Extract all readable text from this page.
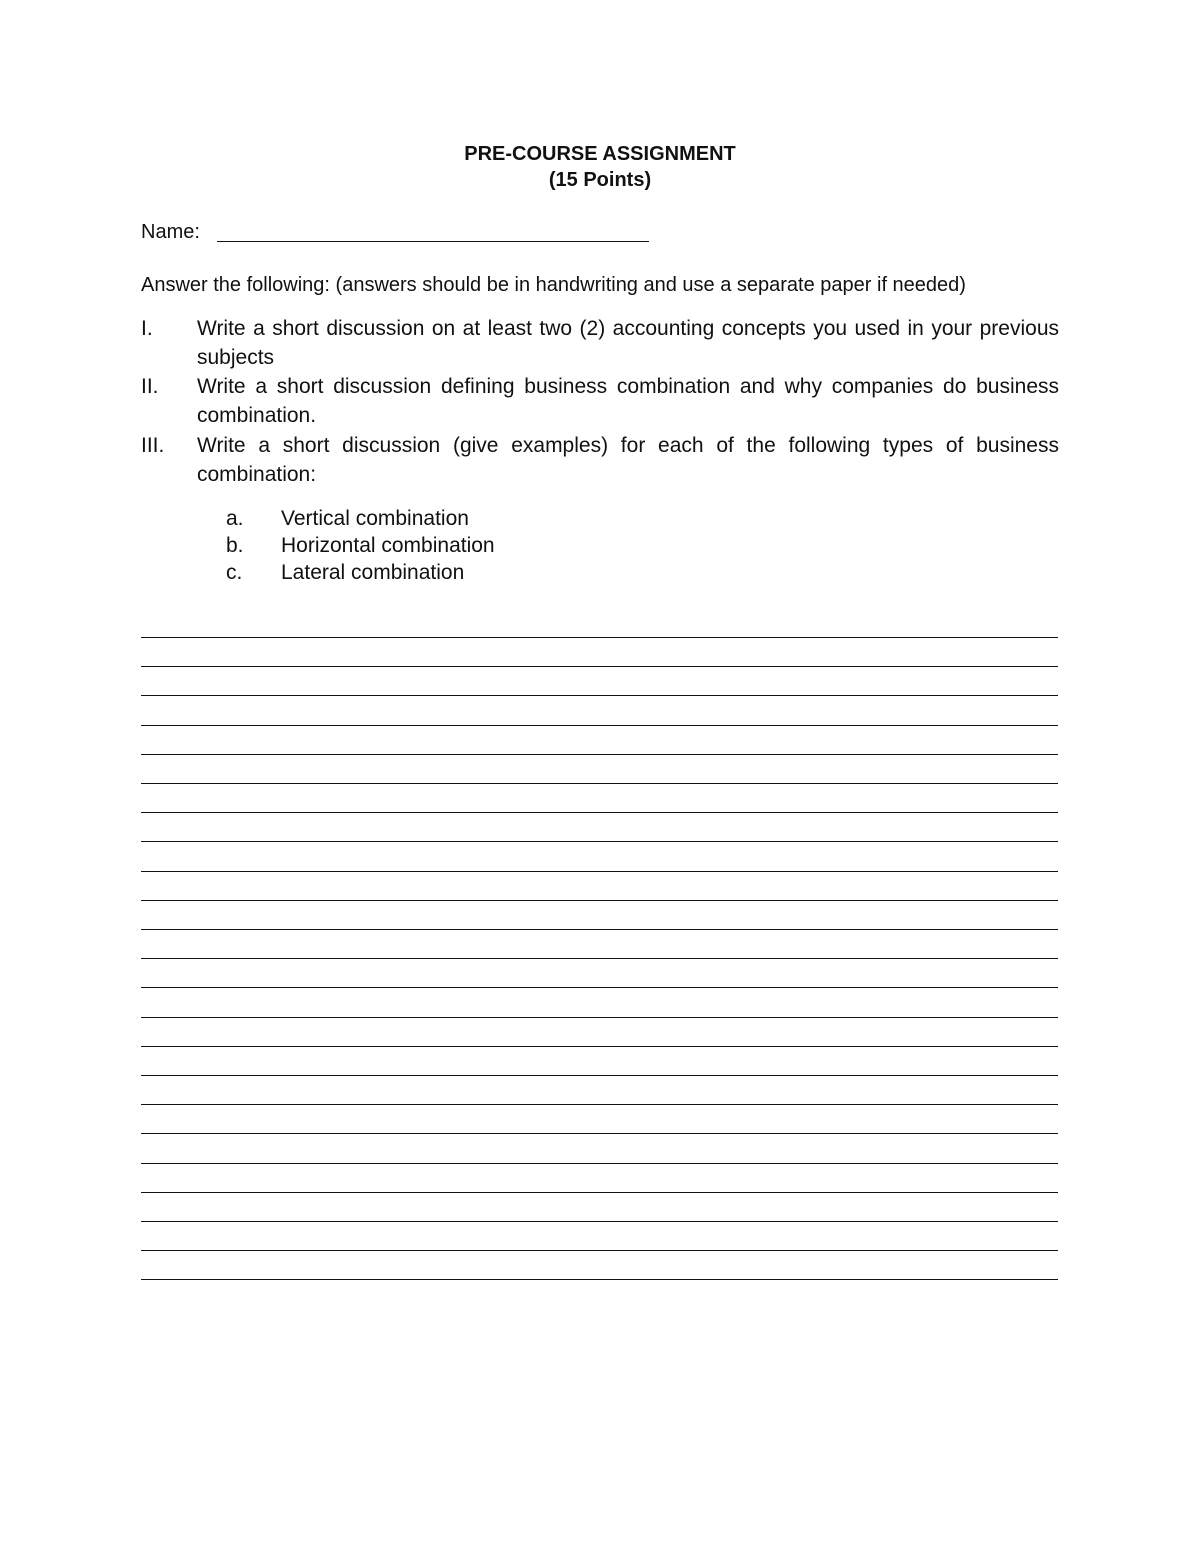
PRE-COURSE ASSIGNMENT
(15 Points)
Name:
Answer the following: (answers should be in handwriting and use a separate paper if needed)
I.	Write a short discussion on at least two (2) accounting concepts you used in your previous subjects
II.	Write a short discussion defining business combination and why companies do business combination.
III.	Write a short discussion (give examples) for each of the following types of business combination:
a. Vertical combination
b. Horizontal combination
c. Lateral combination
